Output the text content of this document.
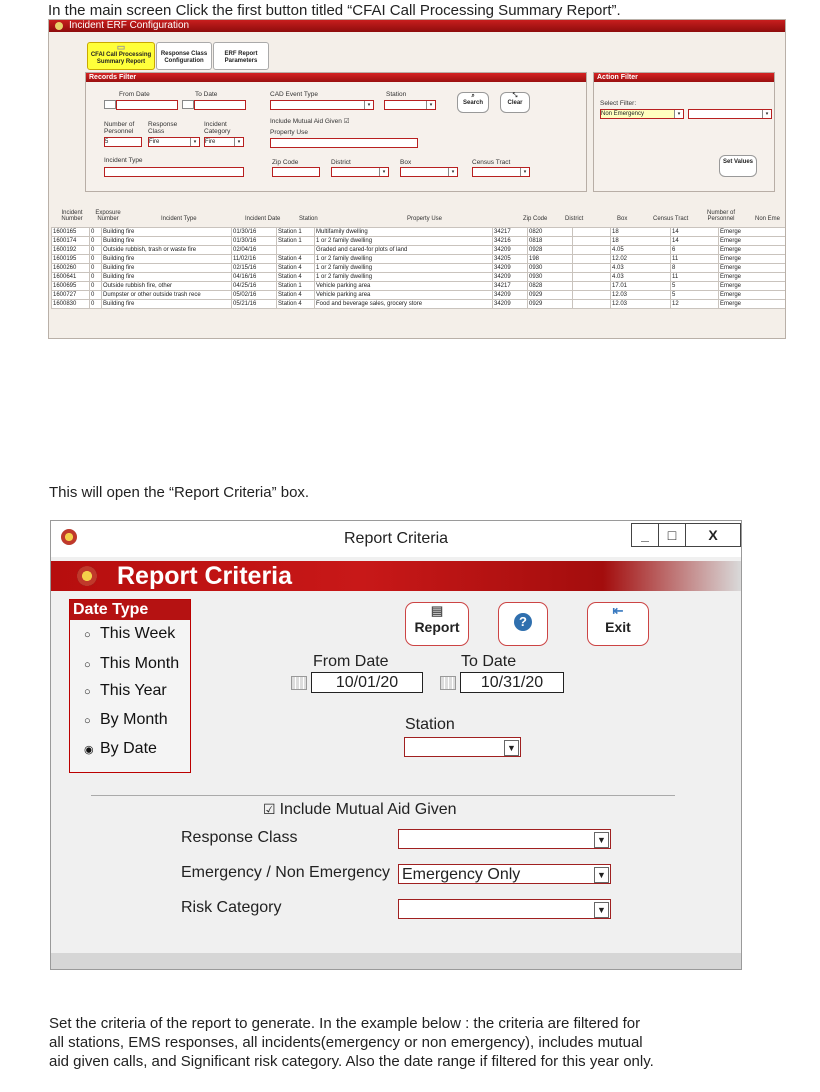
In the main screen Click the first button titled “CFAI Call Processing Summary Report”.
Incident ERF Configuration
▭
CFAI Call Processing Summary Report
Response Class Configuration
ERF Report Parameters
Records Filter
From Date	To Date	CAD Event Type
▾
Station
▾
⌕
Search
⤡
Clear
Number of Personnel
5
Response Class
Fire	▾
Incident Category
Fire	▾
Include Mutual Aid Given ☑
Property Use
Incident Type	Zip Code	District
▾
Box
▾
Census Tract
▾
Action Filter
Select Filter:
Non Emergency	▾	▾
Set Values
Incident Number
Exposure Number	Incident Type	Incident Date	Station	Property Use	Zip Code	District	Box	Census Tract
Number of Personnel	Non Eme
1600165	0	Building fire	01/30/16	Station 1	Multifamily dwelling	34217	0820		18	14	Emerge
1600174	0	Building fire	01/30/16	Station 1	1 or 2 family dwelling	34216	0818		18	14	Emerge
1600192	0	Outside rubbish, trash or waste fire	02/04/16		Graded and cared-for plots of land	34209	0928		4.05	6	Emerge
1600195	0	Building fire	11/02/16	Station 4	1 or 2 family dwelling	34205	198		12.02	11	Emerge
1600260	0	Building fire	02/15/16	Station 4	1 or 2 family dwelling	34209	0930		4.03	8	Emerge
1600641	0	Building fire	04/16/16	Station 4	1 or 2 family dwelling	34209	0930		4.03	11	Emerge
1600695	0	Outside rubbish fire, other	04/25/16	Station 1	Vehicle parking area	34217	0828		17.01	5	Emerge
1600727	0	Dumpster or other outside trash rece	05/02/16	Station 4	Vehicle parking area	34209	0929		12.03	5	Emerge
1600830	0	Building fire	05/21/16	Station 4	Food and beverage sales, grocery store	34209	0929		12.03	12	Emerge
This will open the “Report Criteria” box.
Report Criteria	_	□	X
Report Criteria
Date Type
○ This Week
○ This Month
○ This Year
○ By Month
◉ By Date
▤
Report	?
⇤
Exit
From Date
10/01/20
To Date
10/31/20
Station
▼
☑ Include Mutual Aid Given
Response Class	▼
Emergency / Non Emergency Emergency Only	▼
Risk Category	▼
Set the criteria of the report to generate. In the example below : the criteria are filtered for
all stations, EMS responses, all incidents(emergency or non emergency), includes mutual
aid given calls, and Significant risk category. Also the date range if filtered for this year only.
